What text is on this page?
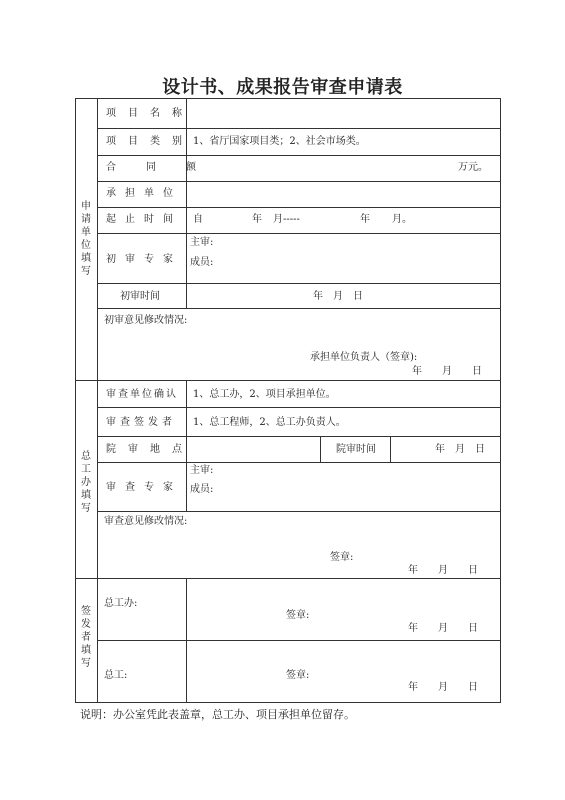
设计书、成果报告审查申请表
申请单位填写
项目名称
项目类别 1、省厅国家项目类；2、社会市场类。
合同额	万元。
承担单位
起止时间 自	年 月-----	年 月。
初审专家
主审:
成员:
初审时间	年　月　日
初审意见修改情况:
承担单位负责人（签章):
年　　月　　日
总工办填写
审查单位确认 1、总工办，2、项目承担单位。
审查签发者 1、总工程师，2、总工办负责人。
院审地点	院审时间	年　月　日
审查专家
主审:
成员:
审查意见修改情况:
签章:
年　　月　　日
签发者填写
总工办:
签章:
年　　月　　日
总工:	签章:
年　　月　　日
说明：办公室凭此表盖章，总工办、项目承担单位留存。
